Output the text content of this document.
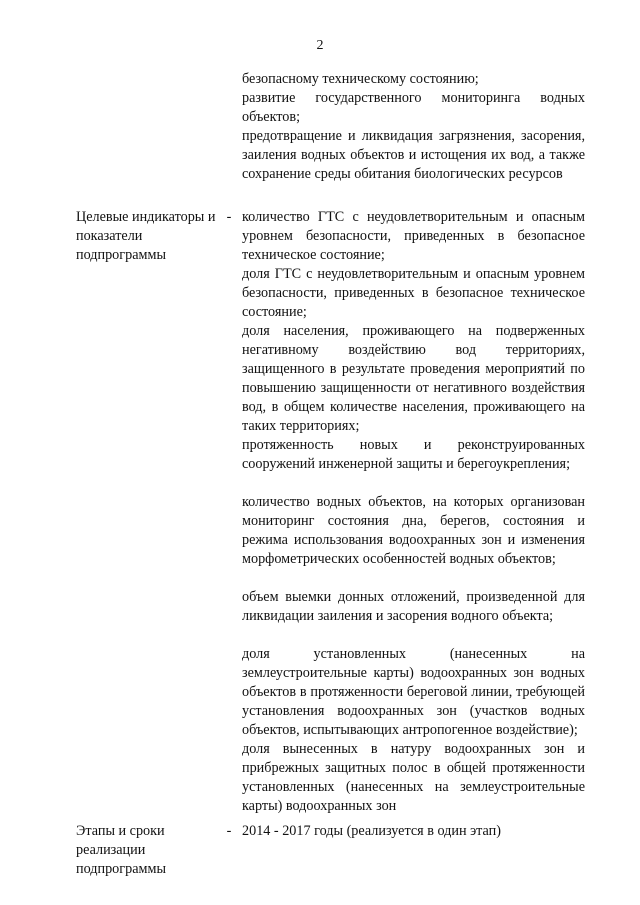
2
безопасному техническому состоянию;
развитие государственного мониторинга водных объектов;
предотвращение и ликвидация загрязнения, засорения, заиления водных объектов и истощения их вод, а также сохранение среды обитания биологических ресурсов
Целевые индикаторы и показатели подпрограммы
- количество ГТС с неудовлетворительным и опасным уровнем безопасности, приведенных в безопасное техническое состояние;
доля ГТС с неудовлетворительным и опасным уровнем безопасности, приведенных в безопасное техническое состояние;
доля населения, проживающего на подверженных негативному воздействию вод территориях, защищенного в результате проведения мероприятий по повышению защищенности от негативного воздействия вод, в общем количестве населения, проживающего на таких территориях;
протяженность новых и реконструированных сооружений инженерной защиты и берегоукрепления;
количество водных объектов, на которых организован мониторинг состояния дна, берегов, состояния и режима использования водоохранных зон и изменения морфометрических особенностей водных объектов;
объем выемки донных отложений, произведенной для ликвидации заиления и засорения водного объекта;
доля установленных (нанесенных на землеустроительные карты) водоохранных зон водных объектов в протяженности береговой линии, требующей установления водоохранных зон (участков водных объектов, испытывающих антропогенное воздействие);
доля вынесенных в натуру водоохранных зон и прибрежных защитных полос в общей протяженности установленных (нанесенных на землеустроительные карты) водоохранных зон
Этапы и сроки реализации подпрограммы
- 2014 - 2017 годы (реализуется в один этап)
